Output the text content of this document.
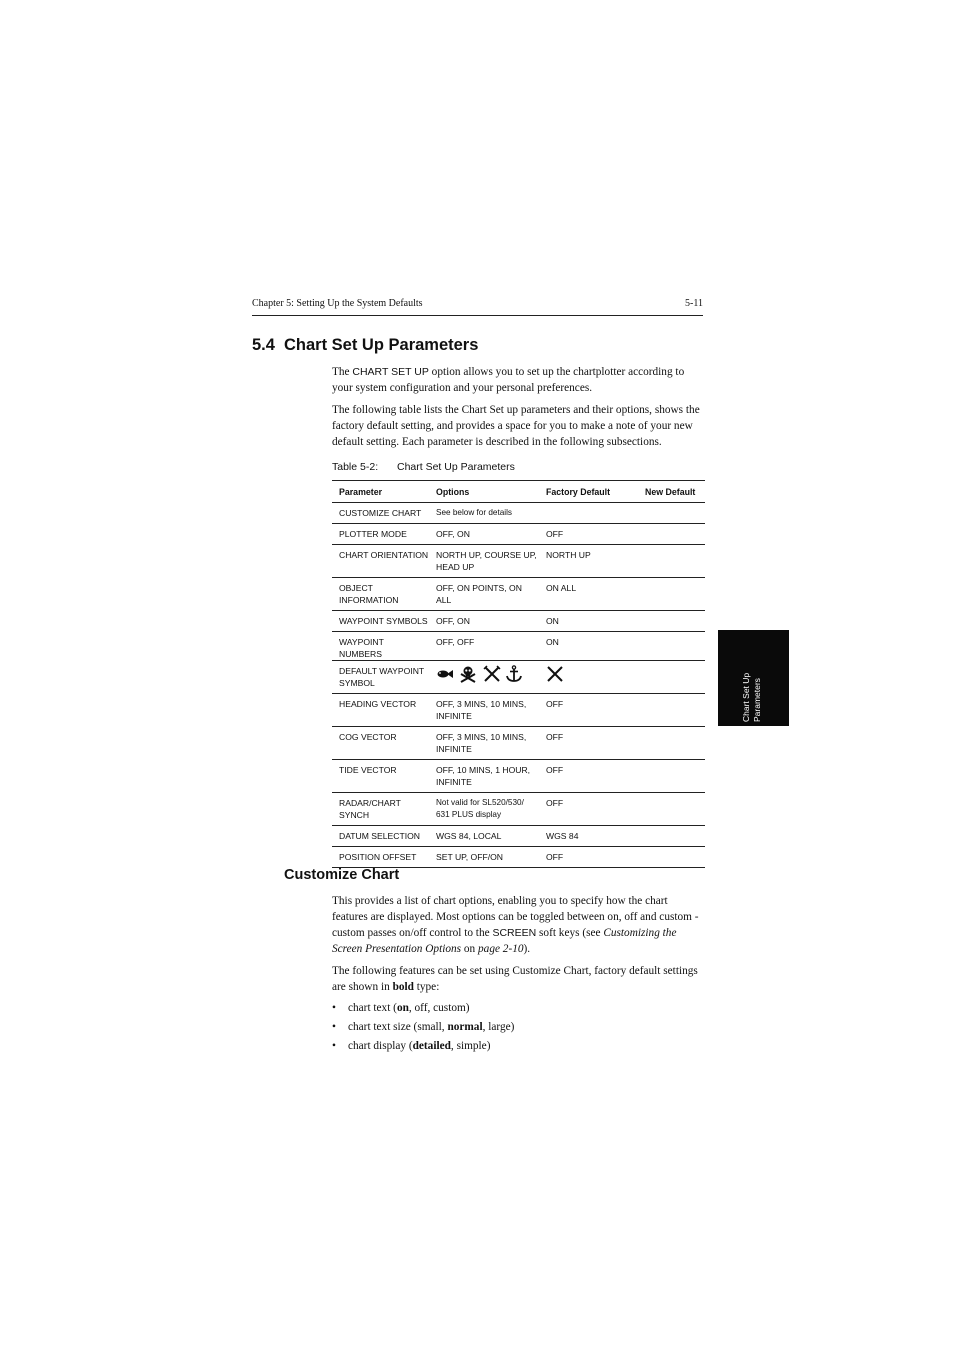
Chapter 5: Setting Up the System Defaults	5-11
5.4 Chart Set Up Parameters
The CHART SET UP option allows you to set up the chartplotter according to your system configuration and your personal preferences.
The following table lists the Chart Set up parameters and their options, shows the factory default setting, and provides a space for you to make a note of your new default setting. Each parameter is described in the following subsections.
Table 5-2: Chart Set Up Parameters
Parameter	Options	Factory Default	New Default
CUSTOMIZE CHART	See below for details		
PLOTTER MODE	OFF, ON	OFF	
CHART ORIENTATION	NORTH UP, COURSE UP, HEAD UP	NORTH UP	
OBJECT INFORMATION	OFF, ON POINTS, ON ALL	ON ALL	
WAYPOINT SYMBOLS	OFF, ON	ON	
WAYPOINT NUMBERS	OFF, OFF	ON	
DEFAULT WAYPOINT SYMBOL			
HEADING VECTOR	OFF, 3 MINS, 10 MINS, INFINITE	OFF	
COG VECTOR	OFF, 3 MINS, 10 MINS, INFINITE	OFF	
TIDE VECTOR	OFF, 10 MINS, 1 HOUR, INFINITE	OFF	
RADAR/CHART SYNCH	Not valid for SL520/530/ 631 PLUS display	OFF	
DATUM SELECTION	WGS 84, LOCAL	WGS 84	
POSITION OFFSET	SET UP, OFF/ON	OFF	
Chart Set Up Parameters
Customize Chart
This provides a list of chart options, enabling you to specify how the chart features are displayed. Most options can be toggled between on, off and custom - custom passes on/off control to the SCREEN soft keys (see Customizing the Screen Presentation Options on page 2-10).
The following features can be set using Customize Chart, factory default settings are shown in bold type:
• chart text (on, off, custom)
• chart text size (small, normal, large)
• chart display (detailed, simple)
